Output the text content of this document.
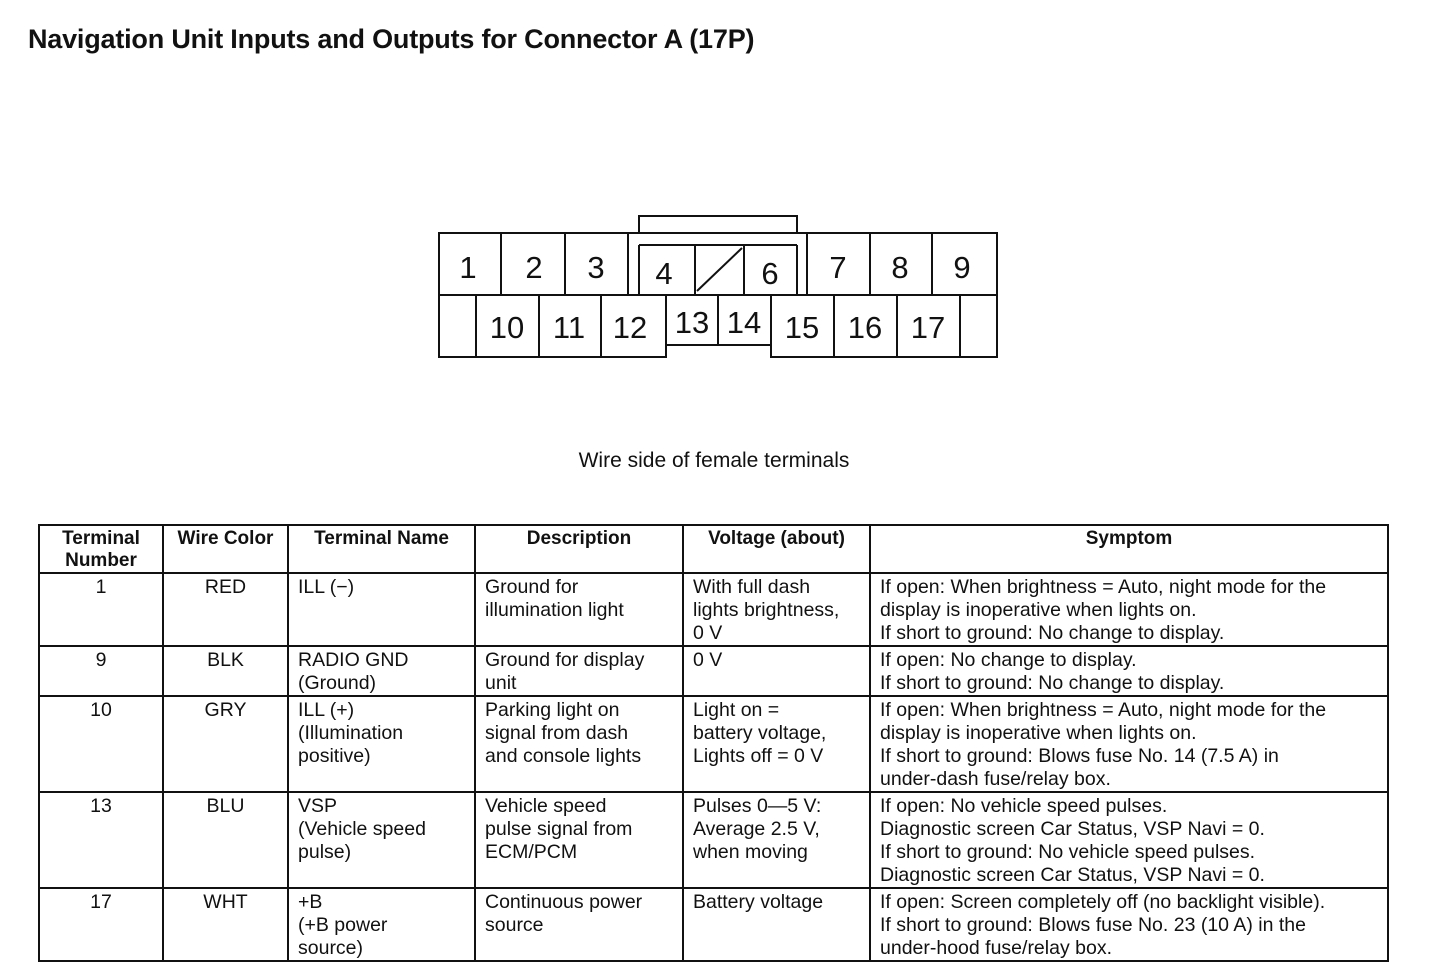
Navigation Unit Inputs and Outputs for Connector A (17P)
1 2 3 4	6 7 8 9
10 11 12 13 14 15 16 17
Wire side of female terminals
Terminal
Number	Wire Color	Terminal Name	Description	Voltage (about)	Symptom
1	RED	ILL (−)	Ground for
illumination light	With full dash
lights brightness,
0 V	If open: When brightness = Auto, night mode for the
display is inoperative when lights on.
If short to ground: No change to display.

9	BLK	RADIO GND
(Ground)	Ground for display
unit	0 V	If open: No change to display.
If short to ground: No change to display.

10	GRY	ILL (+)
(Illumination
positive)	Parking light on
signal from dash
and console lights	Light on =
battery voltage,
Lights off = 0 V	If open: When brightness = Auto, night mode for the
display is inoperative when lights on.
If short to ground: Blows fuse No. 14 (7.5 A) in
under-dash fuse/relay box.

13	BLU	VSP
(Vehicle speed
pulse)	Vehicle speed
pulse signal from
ECM/PCM	Pulses 0—5 V:
Average 2.5 V,
when moving	If open: No vehicle speed pulses.
Diagnostic screen Car Status, VSP Navi = 0.
If short to ground: No vehicle speed pulses.
Diagnostic screen Car Status, VSP Navi = 0.

17	WHT	+B
(+B power
source)	Continuous power
source	Battery voltage	If open: Screen completely off (no backlight visible).
If short to ground: Blows fuse No. 23 (10 A) in the
under-hood fuse/relay box.
